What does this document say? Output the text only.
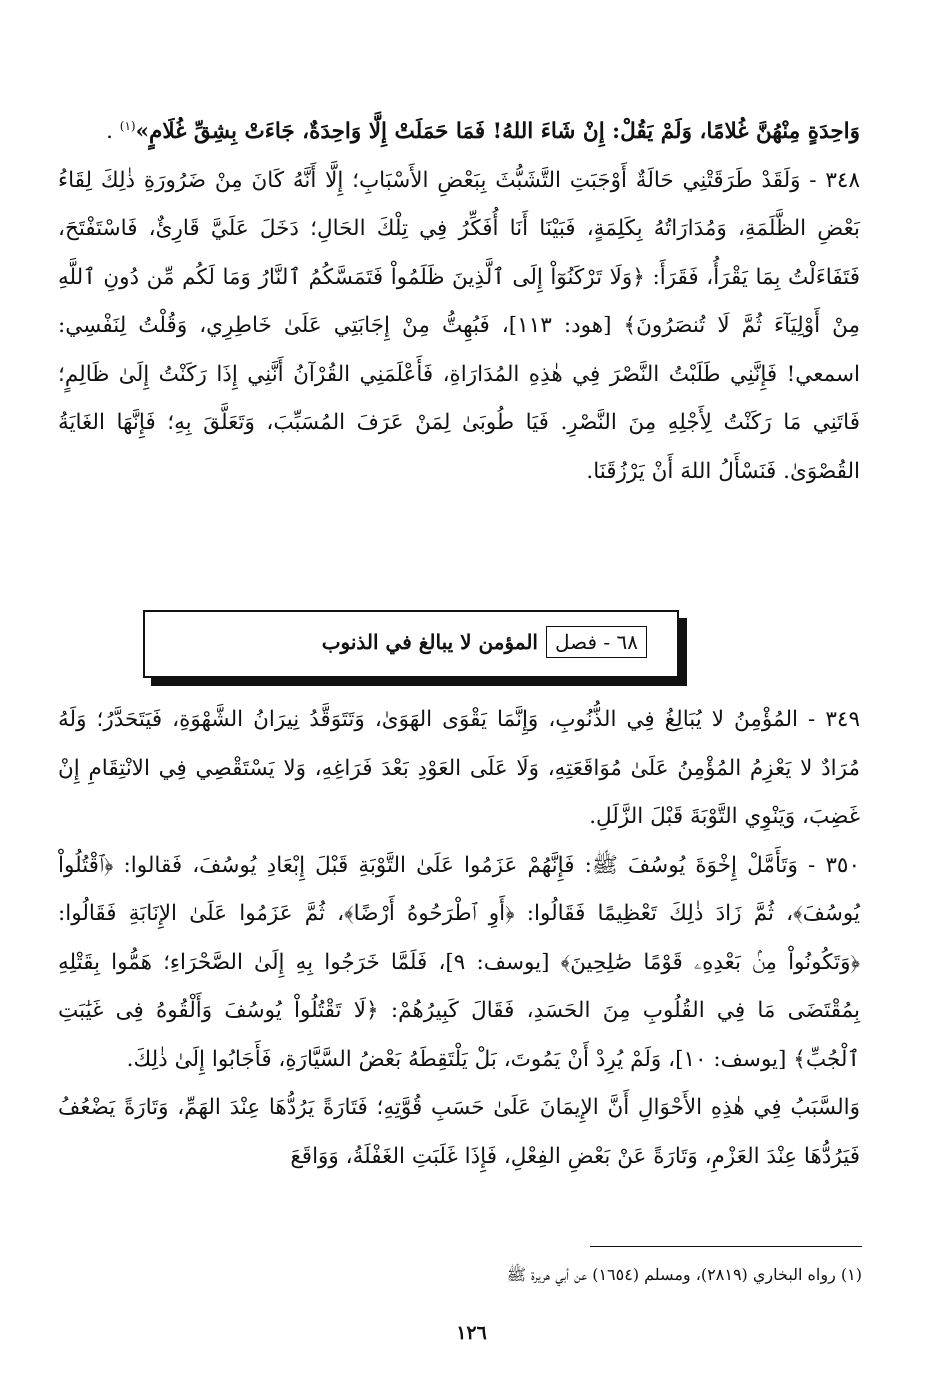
وَاحِدَةٍ مِنْهُنَّ غُلامًا، وَلَمْ يَقُلْ: إِنْ شَاءَ اللهُ! فَمَا حَمَلَتْ إِلَّا وَاحِدَةٌ، جَاءَتْ بِشِقِّ غُلَامٍ»$^{(١)}$ .

٣٤٨ - وَلَقَدْ طَرَقَتْنِي حَالَةٌ أَوْجَبَتِ التَّشَبُّثَ بِبَعْضِ الأَسْبَابِ؛ إِلَّا أَنَّهُ كَانَ مِنْ ضَرُورَةِ ذٰلِكَ لِقَاءُ بَعْضِ الظَّلَمَةِ، وَمُدَارَاتُهُ بِكَلِمَةٍ، فَبَيْنَا أَنَا أُفَكِّرُ فِي تِلْكَ الحَالِ؛ دَخَلَ عَلَيَّ قَارِئٌ، فَاسْتَفْتَحَ، فَتَفَاءَلْتُ بِمَا يَقْرَأُ، فَقَرَأَ: ﴿وَلَا تَرْكَنُوٓاْ إِلَى ٱلَّذِينَ ظَلَمُواْ فَتَمَسَّكُمُ ٱلنَّارُ وَمَا لَكُم مِّن دُونِ ٱللَّهِ مِنْ أَوْلِيَآءَ ثُمَّ لَا تُنصَرُونَ﴾ [هود: ١١٣]، فَبُهِتُّ مِنْ إِجَابَتِي عَلَىٰ خَاطِرِي، وَقُلْتُ لِنَفْسِي: اسمعي! فَإِنَّنِي طَلَبْتُ النَّصْرَ فِي هٰذِهِ المُدَارَاةِ، فَأَعْلَمَنِي القُرْآنُ أَنَّنِي إِذَا رَكَنْتُ إِلَىٰ ظَالِمٍ؛ فَاتَنِي مَا رَكَنْتُ لِأَجْلِهِ مِنَ النَّصْرِ. فَيَا طُوبَىٰ لِمَنْ عَرَفَ المُسَبِّبَ، وَتَعَلَّقَ بِهِ؛ فَإِنَّهَا الغَايَةُ القُصْوَىٰ. فَنَسْأَلُ اللهَ أَنْ يَرْزُقَنَا.

٦٨ - فصل
المؤمن لا يبالغ في الذنوب

٣٤٩ - المُؤْمِنُ لا يُبَالِغُ فِي الذُّنُوبِ، وَإِنَّمَا يَقْوَى الهَوَىٰ، وَتَتَوَقَّدُ نِيرَانُ الشَّهْوَةِ، فَيَتَحَدَّرُ؛ وَلَهُ مُرَادٌ لا يَعْزِمُ المُؤْمِنُ عَلَىٰ مُوَاقَعَتِهِ، وَلَا عَلَى العَوْدِ بَعْدَ فَرَاغِهِ، وَلا يَسْتَقْصِي فِي الانْتِقَامِ إِنْ غَضِبَ، وَيَنْوِي التَّوْبَةَ قَبْلَ الزَّلَلِ.

٣٥٠ - وَتَأَمَّلْ إِخْوَةَ يُوسُفَ ﷺ: فَإِنَّهُمْ عَزَمُوا عَلَىٰ التَّوْبَةِ قَبْلَ إِبْعَادِ يُوسُفَ، فَقالوا: ﴿ٱقْتُلُواْ يُوسُفَ﴾، ثُمَّ زَادَ ذٰلِكَ تَعْظِيمًا فَقَالُوا: ﴿أَوِ ٱطْرَحُوهُ أَرْضًا﴾، ثُمَّ عَزَمُوا عَلَىٰ الإِنَابَةِ فَقَالُوا: ﴿وَتَكُونُواْ مِنۢ بَعْدِهِۦ قَوْمًا صَٰلِحِينَ﴾ [يوسف: ٩]، فَلَمَّا خَرَجُوا بِهِ إِلَىٰ الصَّحْرَاءِ؛ هَمُّوا بِقَتْلِهِ بِمُقْتَضَى مَا فِي القُلُوبِ مِنَ الحَسَدِ، فَقَالَ كَبِيرُهُمْ: ﴿لَا تَقْتُلُواْ يُوسُفَ وَأَلْقُوهُ فِى غَيَٰبَتِ ٱلْجُبِّ﴾ [يوسف: ١٠]، وَلَمْ يُرِدْ أَنْ يَمُوتَ، بَلْ يَلْتَقِطَهُ بَعْضُ السَّيَّارَةِ، فَأَجَابُوا إِلَىٰ ذٰلِكَ.

وَالسَّبَبُ فِي هٰذِهِ الأَحْوَالِ أَنَّ الإِيمَانَ عَلَىٰ حَسَبِ قُوَّتِهِ؛ فَتَارَةً يَرُدُّهَا عِنْدَ الهَمِّ، وَتَارَةً يَضْعُفُ فَيَرُدُّهَا عِنْدَ العَزْمِ، وَتَارَةً عَنْ بَعْضِ الفِعْلِ، فَإِذَا غَلَبَتِ الغَفْلَةُ، وَوَاقَعَ

(١) رواه البخاري (٢٨١٩)، ومسلم (١٦٥٤) عن أبي هريرة ﷺ
١٢٦
